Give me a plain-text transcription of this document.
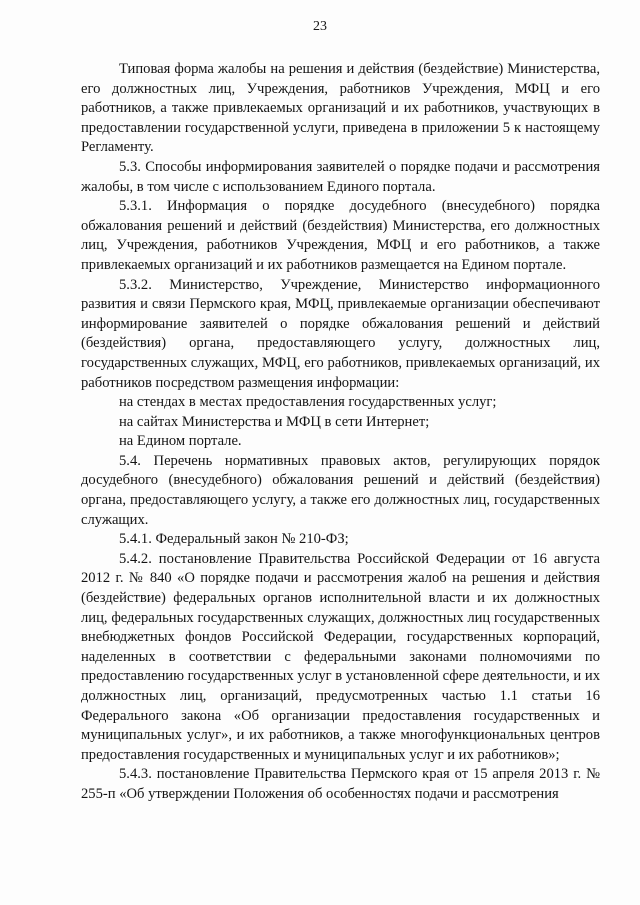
23

Типовая форма жалобы на решения и действия (бездействие) Министерства, его должностных лиц, Учреждения, работников Учреждения, МФЦ и его работников, а также привлекаемых организаций и их работников, участвующих в предоставлении государственной услуги, приведена в приложении 5 к настоящему Регламенту.

5.3. Способы информирования заявителей о порядке подачи и рассмотрения жалобы, в том числе с использованием Единого портала.

5.3.1. Информация о порядке досудебного (внесудебного) порядка обжалования решений и действий (бездействия) Министерства, его должностных лиц, Учреждения, работников Учреждения, МФЦ и его работников, а также привлекаемых организаций и их работников размещается на Едином портале.

5.3.2. Министерство, Учреждение, Министерство информационного развития и связи Пермского края, МФЦ, привлекаемые организации обеспечивают информирование заявителей о порядке обжалования решений и действий (бездействия) органа, предоставляющего услугу, должностных лиц, государственных служащих, МФЦ, его работников, привлекаемых организаций, их работников посредством размещения информации:

на стендах в местах предоставления государственных услуг;

на сайтах Министерства и МФЦ в сети Интернет;

на Едином портале.

5.4. Перечень нормативных правовых актов, регулирующих порядок досудебного (внесудебного) обжалования решений и действий (бездействия) органа, предоставляющего услугу, а также его должностных лиц, государственных служащих.

5.4.1. Федеральный закон № 210-ФЗ;

5.4.2. постановление Правительства Российской Федерации от 16 августа 2012 г. № 840 «О порядке подачи и рассмотрения жалоб на решения и действия (бездействие) федеральных органов исполнительной власти и их должностных лиц, федеральных государственных служащих, должностных лиц государственных внебюджетных фондов Российской Федерации, государственных корпораций, наделенных в соответствии с федеральными законами полномочиями по предоставлению государственных услуг в установленной сфере деятельности, и их должностных лиц, организаций, предусмотренных частью 1.1 статьи 16 Федерального закона «Об организации предоставления государственных и муниципальных услуг», и их работников, а также многофункциональных центров предоставления государственных и муниципальных услуг и их работников»;

5.4.3. постановление Правительства Пермского края от 15 апреля 2013 г. № 255-п «Об утверждении Положения об особенностях подачи и рассмотрения
